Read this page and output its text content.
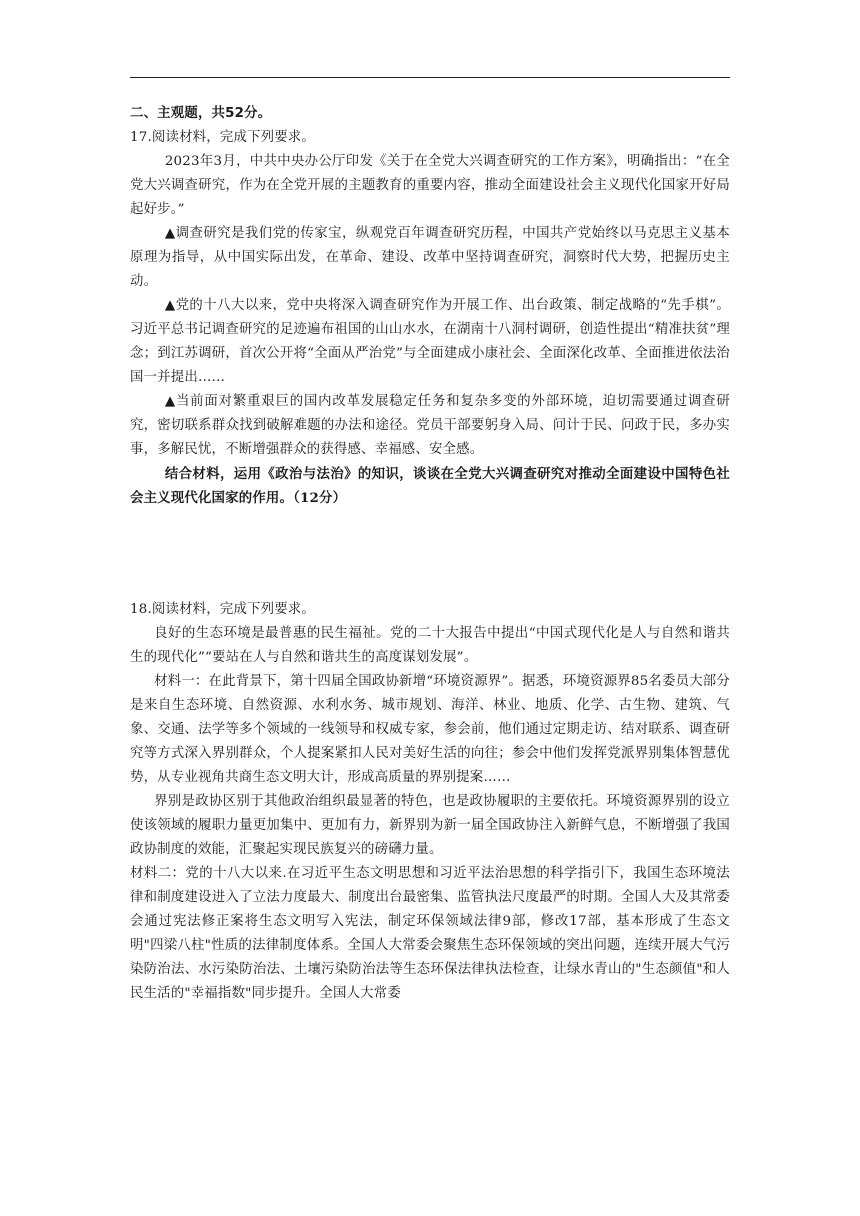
二、主观题，共52分。

17.阅读材料，完成下列要求。

2023年3月，中共中央办公厅印发《关于在全党大兴调查研究的工作方案》，明确指出：“在全党大兴调查研究，作为在全党开展的主题教育的重要内容，推动全面建设社会主义现代化国家开好局起好步。”

▲调查研究是我们党的传家宝，纵观党百年调查研究历程，中国共产党始终以马克思主义基本原理为指导，从中国实际出发，在革命、建设、改革中坚持调查研究，洞察时代大势，把握历史主动。

▲党的十八大以来，党中央将深入调查研究作为开展工作、出台政策、制定战略的“先手棋”。 习近平总书记调查研究的足迹遍布祖国的山山水水，在湖南十八洞村调研，创造性提出“精准扶贫”理念；到江苏调研，首次公开将“全面从严治党”与全面建成小康社会、全面深化改革、全面推进依法治国一并提出……

▲当前面对繁重艰巨的国内改革发展稳定任务和复杂多变的外部环境，迫切需要通过调查研究，密切联系群众找到破解难题的办法和途径。党员干部要躬身入局、问计于民、问政于民，多办实事，多解民忧，不断增强群众的获得感、幸福感、安全感。

结合材料，运用《政治与法治》的知识，谈谈在全党大兴调查研究对推动全面建设中国特色社会主义现代化国家的作用。（12分）

18.阅读材料，完成下列要求。

良好的生态环境是最普惠的民生福祉。党的二十大报告中提出“中国式现代化是人与自然和谐共生的现代化”“要站在人与自然和谐共生的高度谋划发展”。

材料一：在此背景下，第十四届全国政协新增“环境资源界”。据悉，环境资源界85名委员大部分是来自生态环境、自然资源、水利水务、城市规划、海洋、林业、地质、化学、古生物、建筑、气象、交通、法学等多个领域的一线领导和权威专家，参会前，他们通过定期走访、结对联系、调查研究等方式深入界别群众，个人提案紧扣人民对美好生活的向往；参会中他们发挥党派界别集体智慧优势，从专业视角共商生态文明大计，形成高质量的界别提案……

界别是政协区别于其他政治组织最显著的特色，也是政协履职的主要依托。环境资源界别的设立使该领域的履职力量更加集中、更加有力，新界别为新一届全国政协注入新鲜气息，不断增强了我国政协制度的效能，汇聚起实现民族复兴的磅礴力量。

材料二：党的十八大以来.在习近平生态文明思想和习近平法治思想的科学指引下，我国生态环境法律和制度建设进入了立法力度最大、制度出台最密集、监管执法尺度最严的时期。全国人大及其常委会通过宪法修正案将生态文明写入宪法，制定环保领域法律9部，修改17部，基本形成了生态文明"四梁八柱"性质的法律制度体系。全国人大常委会聚焦生态环保领域的突出问题，连续开展大气污染防治法、水污染防治法、土壤污染防治法等生态环保法律执法检查，让绿水青山的"生态颜值"和人民生活的"幸福指数"同步提升。全国人大常委
